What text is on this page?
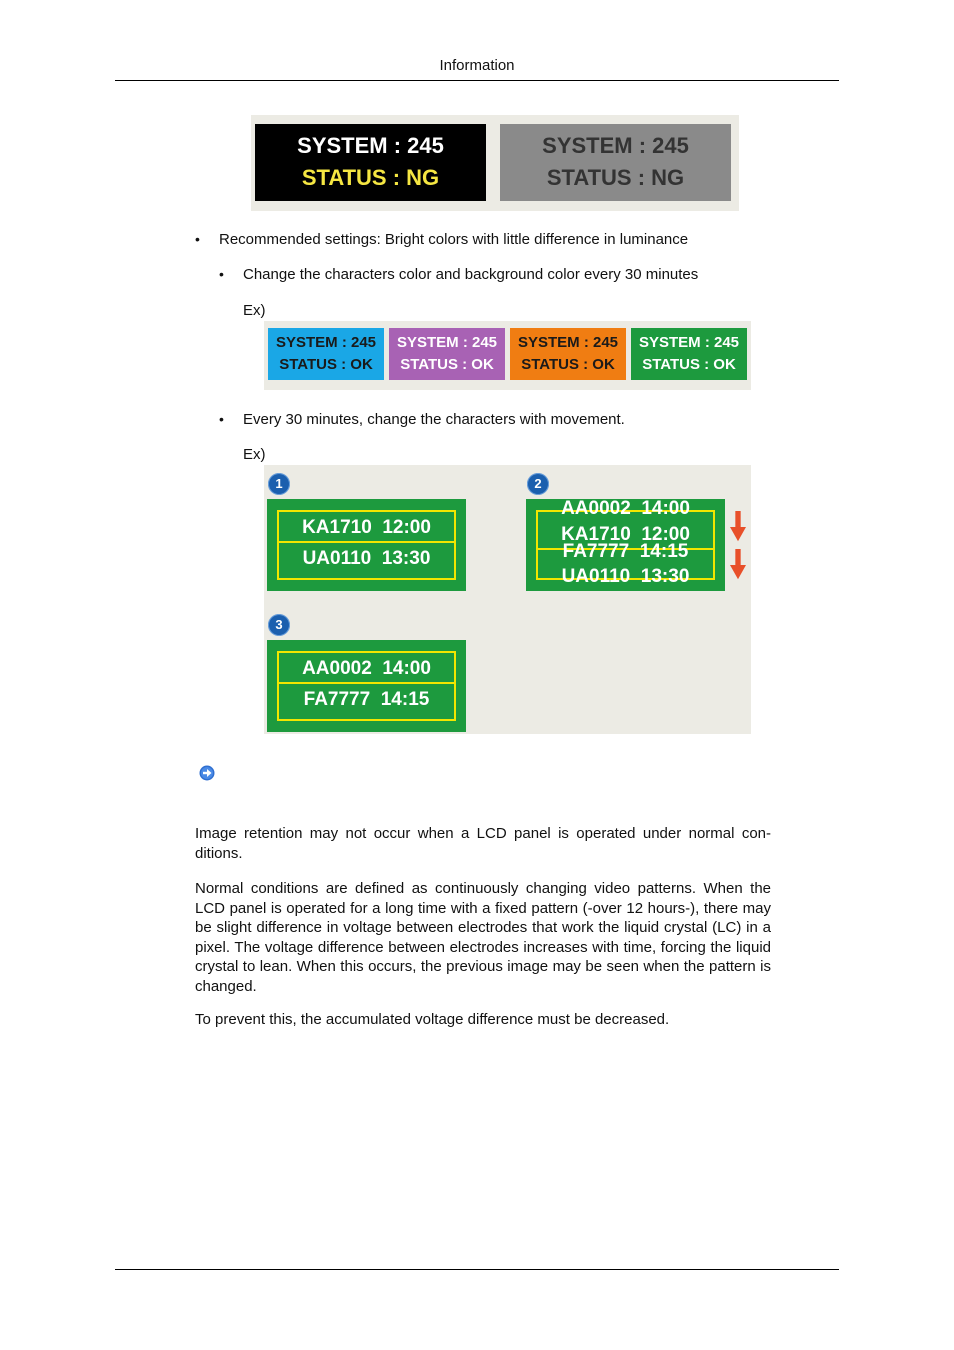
Information
SYSTEM : 245
STATUS : NG
SYSTEM : 245
STATUS : NG
• Recommended settings: Bright colors with little difference in luminance
• Change the characters color and background color every 30 minutes
Ex)
SYSTEM : 245
STATUS : OK
SYSTEM : 245
STATUS : OK
SYSTEM : 245
STATUS : OK
SYSTEM : 245
STATUS : OK
• Every 30 minutes, change the characters with movement.
Ex)
1
KA1710  12:00
UA0110  13:30
2
AA0002  14:00
KA1710  12:00
FA7777  14:15
UA0110  13:30
3
AA0002  14:00
FA7777  14:15
Image retention may not occur when a LCD panel is operated under normal con-ditions.
Normal conditions are defined as continuously changing video patterns. When the LCD panel is operated for a long time with a fixed pattern (-over 12 hours-), there may be slight difference in voltage between electrodes that work the liquid crystal (LC) in a pixel. The voltage difference between electrodes increases with time, forcing the liquid crystal to lean. When this occurs, the previous image may be seen when the pattern is changed.
To prevent this, the accumulated voltage difference must be decreased.
